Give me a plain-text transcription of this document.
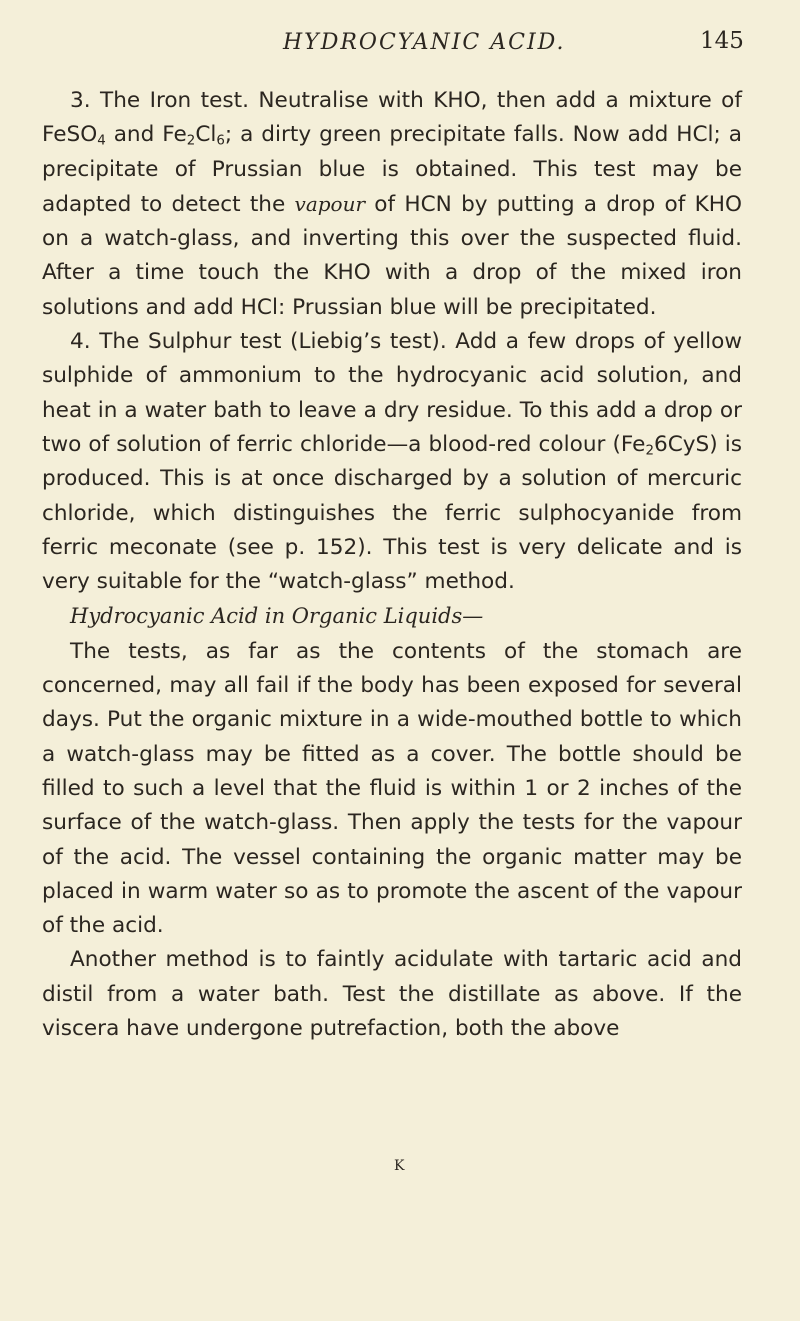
HYDROCYANIC ACID.	145

3. The Iron test. Neutralise with KHO, then add a mixture of FeSO$_4$ and $Fe_2Cl_6$; a dirty green precipitate falls. Now add HCl; a precipitate of Prussian blue is obtained. This test may be adapted to detect the vapour of HCN by putting a drop of KHO on a watch-glass, and inverting this over the suspected fluid. After a time touch the KHO with a drop of the mixed iron solutions and add HCl: Prussian blue will be precipitated.

4. The Sulphur test (Liebig’s test). Add a few drops of yellow sulphide of ammonium to the hydrocyanic acid solution, and heat in a water bath to leave a dry residue. To this add a drop or two of solution of ferric chloride—a blood-red colour $(Fe_26CyS)$ is produced. This is at once discharged by a solution of mercuric chloride, which distinguishes the ferric sulphocyanide from ferric meconate (see p. 152). This test is very delicate and is very suitable for the “watch-glass” method.

Hydrocyanic Acid in Organic Liquids—

The tests, as far as the contents of the stomach are concerned, may all fail if the body has been exposed for several days. Put the organic mixture in a wide-mouthed bottle to which a watch-glass may be fitted as a cover. The bottle should be filled to such a level that the fluid is within 1 or 2 inches of the surface of the watch-glass. Then apply the tests for the vapour of the acid. The vessel containing the organic matter may be placed in warm water so as to promote the ascent of the vapour of the acid.

Another method is to faintly acidulate with tartaric acid and distil from a water bath. Test the distillate as above. If the viscera have undergone putrefaction, both the above

K
